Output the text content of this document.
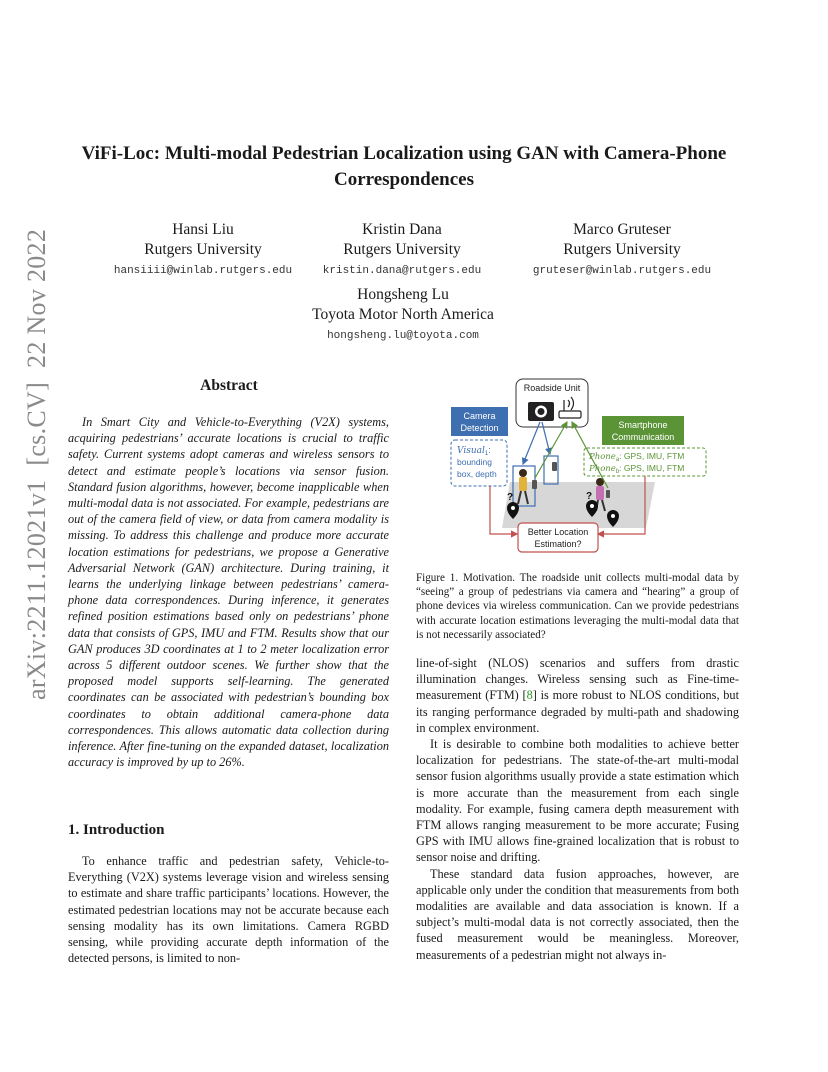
arXiv:2211.12021v1[cs.CV]22 Nov 2022
ViFi-Loc: Multi-modal Pedestrian Localization using GAN with Camera-Phone
Correspondences
Hansi Liu
Rutgers University
hansiiii@winlab.rutgers.edu
Kristin Dana
Rutgers University
kristin.dana@rutgers.edu
Marco Gruteser
Rutgers University
gruteser@winlab.rutgers.edu
Hongsheng Lu
Toyota Motor North America
hongsheng.lu@toyota.com
Abstract
In Smart City and Vehicle-to-Everything (V2X) systems, acquiring pedestrians’ accurate locations is crucial to traffic safety. Current systems adopt cameras and wireless sensors to detect and estimate people’s locations via sensor fusion. Standard fusion algorithms, however, become inapplicable when multi-modal data is not associated. For example, pedestrians are out of the camera field of view, or data from camera modality is missing. To address this challenge and produce more accurate location estimations for pedestrians, we propose a Generative Adversarial Network (GAN) architecture. During training, it learns the underlying linkage between pedestrians’ camera-phone data correspondences. During inference, it generates refined position estimations based only on pedestrians’ phone data that consists of GPS, IMU and FTM. Results show that our GAN produces 3D coordinates at 1 to 2 meter localization error across 5 different outdoor scenes. We further show that the proposed model supports self-learning. The generated coordinates can be associated with pedestrian’s bounding box coordinates to obtain additional camera-phone data correspondences. This allows automatic data collection during inference. After fine-tuning on the expanded dataset, localization accuracy is improved by up to 26%.
1. Introduction
To enhance traffic and pedestrian safety, Vehicle-to-Everything (V2X) systems leverage vision and wireless sensing to estimate and share traffic participants’ locations. However, the estimated pedestrian locations may not be accurate because each sensing modality has its own limitations. Camera RGBD sensing, while providing accurate depth information of the detected persons, is limited to non-
Roadside Unit
Camera
Detection	Smartphone
Communication
Visual$_1$:
bounding
box, depth
Phone$_a$: GPS, IMU, FTM
Phone$_b$: GPS, IMU, FTM
?	?
Better Location
Estimation?
Figure 1. Motivation. The roadside unit collects multi-modal data by “seeing” a group of pedestrians via camera and “hearing” a group of phone devices via wireless communication. Can we provide pedestrians with accurate location estimations leveraging the multi-modal data that is not necessarily associated?

line-of-sight (NLOS) scenarios and suffers from drastic illumination changes. Wireless sensing such as Fine-time-measurement (FTM) [8] is more robust to NLOS conditions, but its ranging performance degraded by multi-path and shadowing in complex environment.

It is desirable to combine both modalities to achieve better localization for pedestrians. The state-of-the-art multi-modal sensor fusion algorithms usually provide a state estimation which is more accurate than the measurement from each single modality. For example, fusing camera depth measurement with FTM allows ranging measurement to be more accurate; Fusing GPS with IMU allows fine-grained localization that is robust to sensor noise and drifting.

These standard data fusion approaches, however, are applicable only under the condition that measurements from both modalities are available and data association is known. If a subject’s multi-modal data is not correctly associated, then the fused measurement would be meaningless. Moreover, measurements of a pedestrian might not always in-
